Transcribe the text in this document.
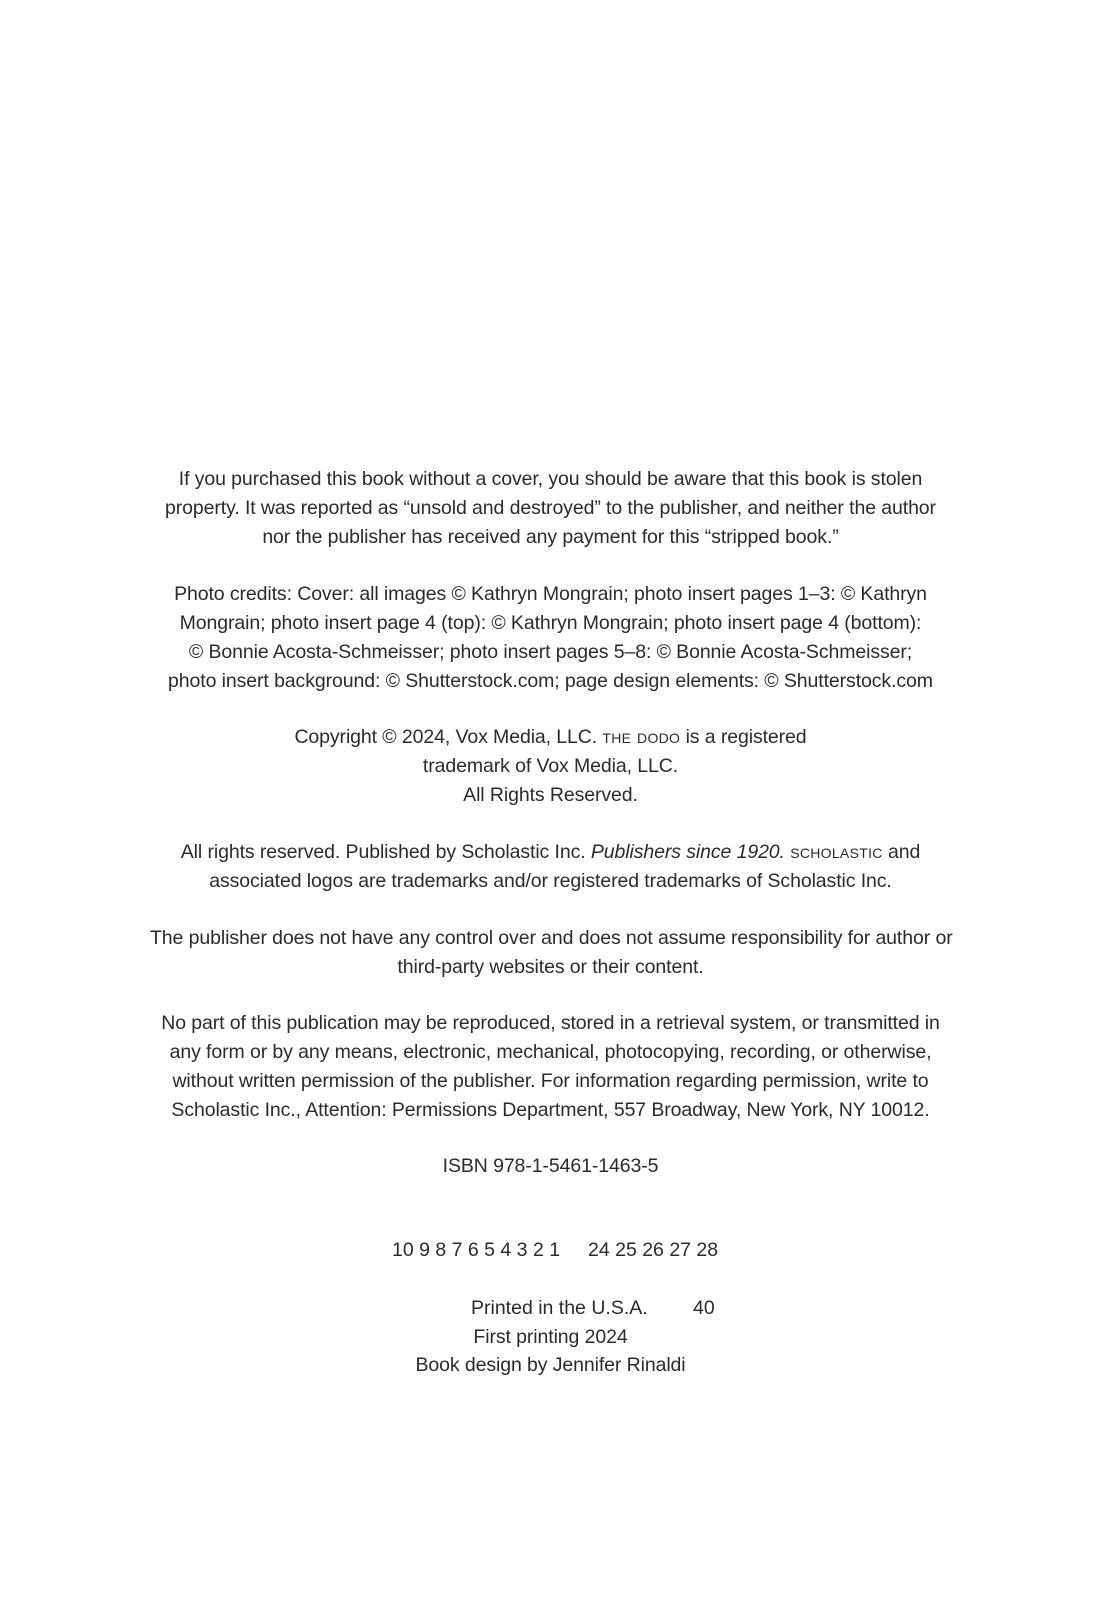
If you purchased this book without a cover, you should be aware that this book is stolen
property. It was reported as “unsold and destroyed” to the publisher, and neither the author
nor the publisher has received any payment for this “stripped book.”
Photo credits: Cover: all images © Kathryn Mongrain; photo insert pages 1–3: © Kathryn
Mongrain; photo insert page 4 (top): © Kathryn Mongrain; photo insert page 4 (bottom):
© Bonnie Acosta-Schmeisser; photo insert pages 5–8: © Bonnie Acosta-Schmeisser;
photo insert background: © Shutterstock.com; page design elements: © Shutterstock.com
Copyright © 2024, Vox Media, LLC. the dodo is a registered
trademark of Vox Media, LLC.
All Rights Reserved.
All rights reserved. Published by Scholastic Inc. Publishers since 1920. scholastic and
associated logos are trademarks and/or registered trademarks of Scholastic Inc.
The publisher does not have any control over and does not assume responsibility for author or
third-party websites or their content.
No part of this publication may be reproduced, stored in a retrieval system, or transmitted in
any form or by any means, electronic, mechanical, photocopying, recording, or otherwise,
without written permission of the publisher. For information regarding permission, write to
Scholastic Inc., Attention: Permissions Department, 557 Broadway, New York, NY 10012.
ISBN 978-1-5461-1463-5
10 9 8 7 6 5 4 3 2 1 24 25 26 27 28
Printed in the U.S.A. 40
First printing 2024
Book design by Jennifer Rinaldi
